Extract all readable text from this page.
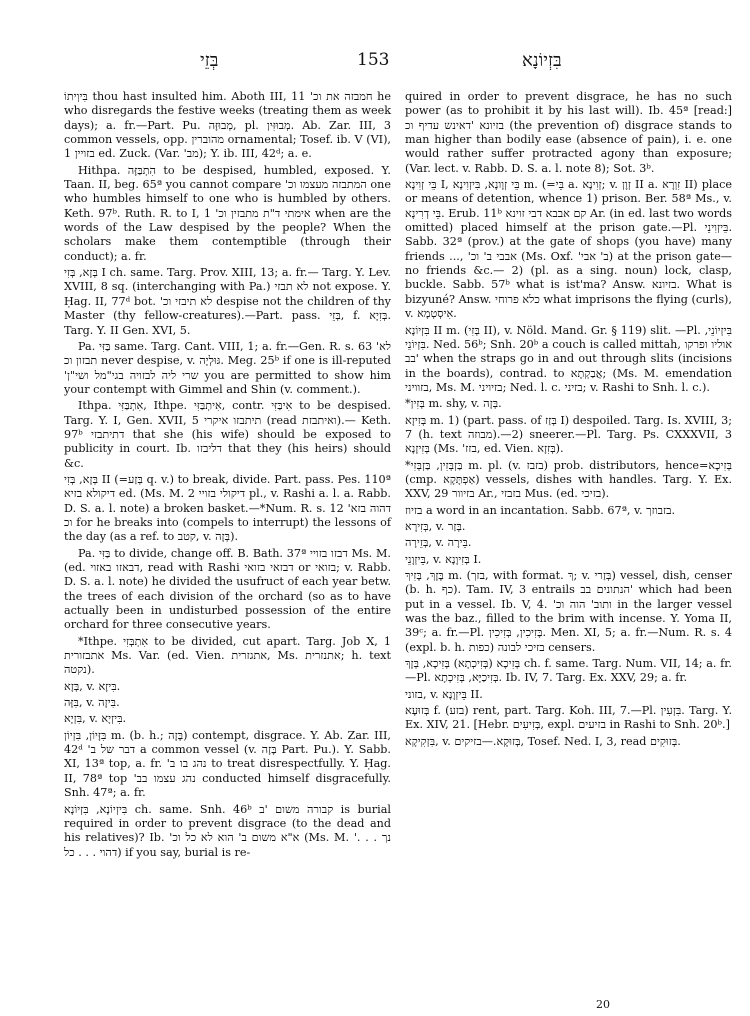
בְּזֵי	153	בִּזְיוֹנָא

בִּיוְיתוֹ thou hast insulted him. Aboth III, 11 'חמבזה את וכ he who disregards the festive weeks (treating them as week days); a. fr.—Part. Pu. מְבוּזָּה, pl. מְבוּזִּין. Ab. Zar. III, 3 common vessels, opp. מהוברין ornamental; Tosef. ib. V (VI), 1 בזויין ed. Zuck. (Var. 'מב); Y. ib. III, 42ᵈ; a. e.

Hithpa. הִתְבַּזָּה to be despised, humbled, exposed. Y. Taan. II, beg. 65ª you cannot compare 'המתבזה מעצמו וכ one who humbles himself to one who is humbled by others. Keth. 97ᵇ. Ruth. R. to I, 1 'אימתי ד"ת מתבזין וכ when are the words of the Law despised by the people? When the scholars make them contemptible (through their conduct); a. fr.

בְּזָא, בְּזִי I ch. same. Targ. Prov. XIII, 13; a. fr.— Targ. Y. Lev. XVIII, 8 sq. (interchanging with Pa.) לא תבזי not expose. Y. Ḥag. II, 77ᵈ bot. 'לא תיבזי וכ despise not the children of thy Master (thy fellow-creatures).—Part. pass. בְּזֵי, f. בְּזִיָא. Targ. Y. II Gen. XVI, 5.

Pa. בַּזִּי same. Targ. Cant. VIII, 1; a. fr.—Gen. R. s. 63 'לא תבזון וכ never despise, v. גּוּלְיָה. Meg. 25ᵇ if one is ill-reputed 'שרי ליה לבזויה בגי"מל ושי"ן you are permitted to show him your contempt with Gimmel and Shin (v. comment.).

Ithpa. אִתְבַּזִּי, Ithpe. אִיתְבַּזִּי, contr. אִיבַּזִּי to be despised. Targ. Y. I, Gen. XVII, 5 תיתבזו איקרי (read ואיתבזת).— Keth. 97ᵇ דתיתבזי that she (his wife) should be exposed to publicity in court. Ib. דליבזו that they (his heirs) should &c.

בְּזָא, בְּזִי II (=בְּזַע q. v.) to break, divide. Part. pass. Pes. 110ª דיקולא בזיא ed. (Ms. M. 2 דיקולי בזויי pl., v. Rashi a. l. a. Rabb. D. S. a. l. note) a broken basket.—*Num. R. s. 12 'דהוה בזא וכ for he breaks into (compels to interrupt) the lessons of the day (as a ref. to קטב, v. בְּזָה).

Pa. בַּזִּי to divide, change off. B. Bath. 37ª דבזו בזויי Ms. M. (ed. דבאזו באזוי, read with Rashi דבזאי בזואי or בזואי; v. Rabb. D. S. a. l. note) he divided the usufruct of each year betw. the trees of each division of the orchard (so as to have actually been in undisturbed possession of the entire orchard for three consecutive years.

*Ithpe. אִתְבְּזִי to be divided, cut apart. Targ. Job X, 1 אתבזורית Ms. Var. (ed. Vien. אתגזרית, Ms. אתנזרית; h. text נקטה).

בְּזָא, v. בִּיזָא.

בִּזָּה, v. בִּיזָה.

בִּזְיָא, v. בִּיזְיָא.

בִּזָּיוֹן, בִּזְיוֹן m. (b. h.; בָּזָה) contempt, disgrace. Y. Ab. Zar. III, 42ᵈ 'דבר של ב a common vessel (v. בָּזָה Part. Pu.). Y. Sabb. XI, 13ª top, a. fr. 'נהג בו ב to treat disrespectfully. Y. Ḥag. II, 78ª top 'נהג עצמו בב conducted himself disgracefully. Snh. 47ª; a. fr.

בִּיזְיוֹנָא, בִּזְיוֹנָא ch. same. Snh. 46ᵇ קבורה משום 'ב is burial required in order to prevent disgrace (to the dead and his relatives)? Ib. 'א"א משום ב' הוא לא כל וכ (Ms. M. '. . . נך דהוי . . . כל) if you say, burial is re-

quired in order to prevent disgrace, he has no such power (as to prohibit it by his last will). Ib. 45ª [read:] בזיונא 'דאינש עדיף וכ (the prevention of) disgrace stands to man higher than bodily ease (absence of pain), i. e. one would rather suffer protracted agony than exposure; (Var. lect. v. Rabb. D. S. a. l. note 8); Sot. 3ᵇ.

בֵּי זְוִינָא I, בֵּי זְוָונָא, בִּיזְוִינָא m. (=בֵּי a. זְוִינָא; v. זְוָן II a. זִוְרָא II) place or means of detention, whence 1) prison. Ber. 58ª Ms., v. בֵּי דְרִינָא. Erub. 11ᵇ קם אבבא דבי זוינא Ar. (in ed. last two words omitted) placed himself at the prison gate.—Pl. בֵּיזְוִינֵי. Sabb. 32ª (prov.) at the gate of shops (you have) many friends ..., 'אבבי ב' וכ (Ms. Oxf. 'ב' אבי) at the prison gate—no friends &c.— 2) (pl. as a sing. noun) lock, clasp, buckle. Sabb. 57ᵇ what is ist'ma? Answ. בזיונא. What is bizyuné? Answ. כלא פרוחי what imprisons the flying (curls), v. אִיסְטְמָא.

בִּזְיוֹנָא II m. (בְּזִי II), v. Nöld. Mand. Gr. § 119) slit. —Pl. בִּיזְיוֹנֵי, בִּזְיוֹנֵי. Ned. 56ᵇ; Snh. 20ᵇ a couch is called mittah, אוליו ופרקו בב' when the straps go in and out through slits (incisions in the boards), contrad. to אֲבַקְתָא; (Ms. M. emendation בזוויני, Ms. M. בזיויני; Ned. l. c. בזיני; v. Rashi to Snh. l. c.).

*בְּזִין m. shy, v. בְּזָה.

בְּזִיזָא m. 1) (part. pass. of בְּזַז I) despoiled. Targ. Is. XVIII, 3; 7 (h. text מבוזה).—2) sneerer.—Pl. Targ. Ps. CXXXVII, 3 בְּזִיזָנָא (Ms. 'בזז, ed. Vien. בְּזִזָא).

*בַּזְבְּזִין, בַּזְבְּזִי m. pl. (v. בזבז) prob. distributors, hence=בְּזִיכָא (cmp. אַפְתָּקָא) vessels, dishes with handles. Targ. Y. Ex. XXV, 29 בזיוור Ar., בזבזי Mus. (ed. בזיכי).

בזיוז a word in an incantation. Sabb. 67ª, v. בזבוזך.

בְּזִירָא, v. בְּזַר.

בְּזֵירָה, v. בֵּירָה.

בֵּיזְוָנֵי, v. בְּזִיוָנָא I.

בָּזָךְ, בָּזִיךְ m. (בזך, with format. ךְ; v. בְּזַרי) vessel, dish, censer (b. h. כף). Tam. IV, 3 entrails הנתונים בב' which had been put in a vessel. Ib. V, 4. 'ותוב' הוה וכ in the larger vessel was the baz., filled to the brim with incense. Y. Yoma II, 39ᶜ; a. fr.—Pl. בָּזִיכִין, בְּזִיכִין. Men. XI, 5; a. fr.—Num. R. s. 4 (expl. b. h. כפות) בזיכי לבונה censers.

בְּזִיכָא (בְּזִיכְתָא) בְּזִיכָא, בְּזָךְ ch. f. same. Targ. Num. VII, 14; a. fr.—Pl. בְּזִיכַיָּא, בְּזִיכְתָא. Ib. IV, 7. Targ. Ex. XXV, 29; a. fr.

בזוני, v. בֵּיזְוָנָא II.

בְּזוּעָא f. (בזע) rent, part. Targ. Koh. III, 7.—Pl. בִּזְעִין. Targ. Y. Ex. XIV, 21. [Hebr. בְּזִיעִים, expl. בזיעים in Rashi to Snh. 20ᵇ.]

בִּזְקִיקָא, v. בְּזוּקָא.—בזיקים, Tosef. Ned. I, 3, read בְּזוּקִים.

20
